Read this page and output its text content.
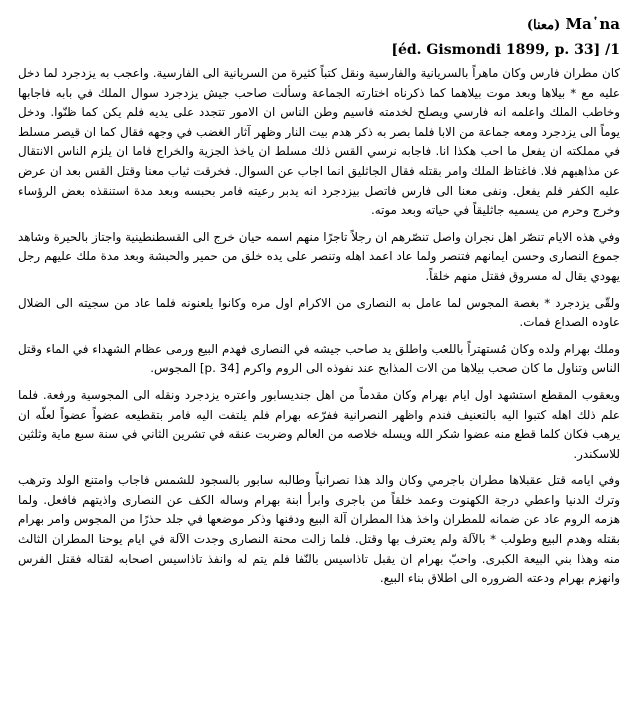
(معنا) Ma῾na
[éd. Gismondi 1899, p. 33] /1
كان مطران فارس وكان ماهراً بالسريانية والفارسية ونقل كتباً كثيرة من السريانية الى الفارسية. واعجب به يزدجرد لما دخل عليه مع * بيلاها وبعد موت بيلاهما كما ذكرناه اختارته الجماعة وسألت صاحب جيش يزدجرد سوال الملك في بابه فاجابها وخاطب الملك واعلمه انه فارسي ويصلح لخدمته فاسيم وطن الناس ان الامور تتجدد على يديه فلم يكن كما ظنّوا. ودخل يوماً الى يزدجرد ومعه جماعة من الابا فلما بصر به ذكر هدم بيت النار وظهر آثار الغضب في وجهه فقال كما ان قيصر مسلط في مملكته ان يفعل ما احب هكذا انا. فاجابه نرسي القس ذلك مسلط ان ياخذ الجزية والخراج فاما ان يلزم الناس الانتقال عن مذاهبهم فلا. فاغتاظ الملك وامر بقتله فقال الجاثليق انما اجاب عن السوال. فخرقت ثياب معنا وقتل القس بعد ان عرض عليه الكفر فلم يفعل. ونفى معنا الى فارس فاتصل بيزدجرد انه يدبر رعيته فامر بحبسه وبعد مدة استنقذه بعض الرؤساء وخرج وحرم من يسميه جاثليقاً في حياته وبعد موته.
وفي هذه الايام تنصّر اهل نجران واصل تنصّرهم ان رجلاً تاجرًا منهم اسمه حيان خرج الى القسطنطينية واجتاز بالحيرة وشاهد جموع النصارى وحسن ايمانهم فتنصر ولما عاد اعمد اهله وتنصر على يده خلق من حمير والحبشة وبعد مدة ملك عليهم رجل يهودي يقال له مسروق فقتل منهم خلقاً.
ولقّى يزدجرد * بغصة المجوس لما عامل به النصارى من الاكرام اول مره وكانوا يلعنونه فلما عاد من سجيته الى الضلال عاوده الصداع فمات.
وملك بهرام ولده وكان مُستهتراً باللعب واطلق يد صاحب جيشه في النصارى فهدم البيع ورمى عظام الشهداء في الماء وقتل الناس وتناول ما كان صحب بيلاها من الات المذابح عند نفوذه الى الروم واكرم [p. 34] المجوس.
ويعقوب المقطع استشهد اول ايام بهرام وكان مقدماً من اهل جنديسابور واعتره يزدجرد ونقله الى المجوسية ورفعة. فلما علم ذلك اهله كتبوا اليه بالتعنيف فندم واظهر النصرانية ففرّعه بهرام فلم يلتفت اليه فامر بتقطيعه عضواً عضواً لعلّه ان يرهب فكان كلما قطع منه عضوا شكر الله ويسله خلاصه من العالم وضربت عنقه في تشرين الثاني في سنة سبع ماية وثلثين للاسكندر.
وفي ايامه قتل عقبلاها مطران باجرمي وكان والد هذا نصرانياً وطالبه سابور بالسجود للشمس فاجاب وامتنع الولد وترهب وترك الدنيا واعطي درجة الكهنوت وعمد خلقاً من باجرى وابرأ ابنة بهرام وساله الكف عن النصارى واذيتهم فافعل. ولما هزمه الروم عاد عن ضمانه للمطران واخذ هذا المطران آلة البيع ودفنها وذكر موضعها في جلد حذرًا من المجوس وامر بهرام بقتله وهدم البيع وطولب * بالآلة ولم يعترف بها وقتل. فلما زالت محنة النصارى وجدت الآلة في ايام يوحنا المطران الثالث منه وهذا بني البيعة الكبرى. واحبّ بهرام ان يقبل تاذاسيس بالنّفا فلم يتم له وانفذ تاذاسيس اصحابه لقتاله فقتل الفرس وانهزم بهرام ودعته الضروره الى اطلاق بناء البيع.
